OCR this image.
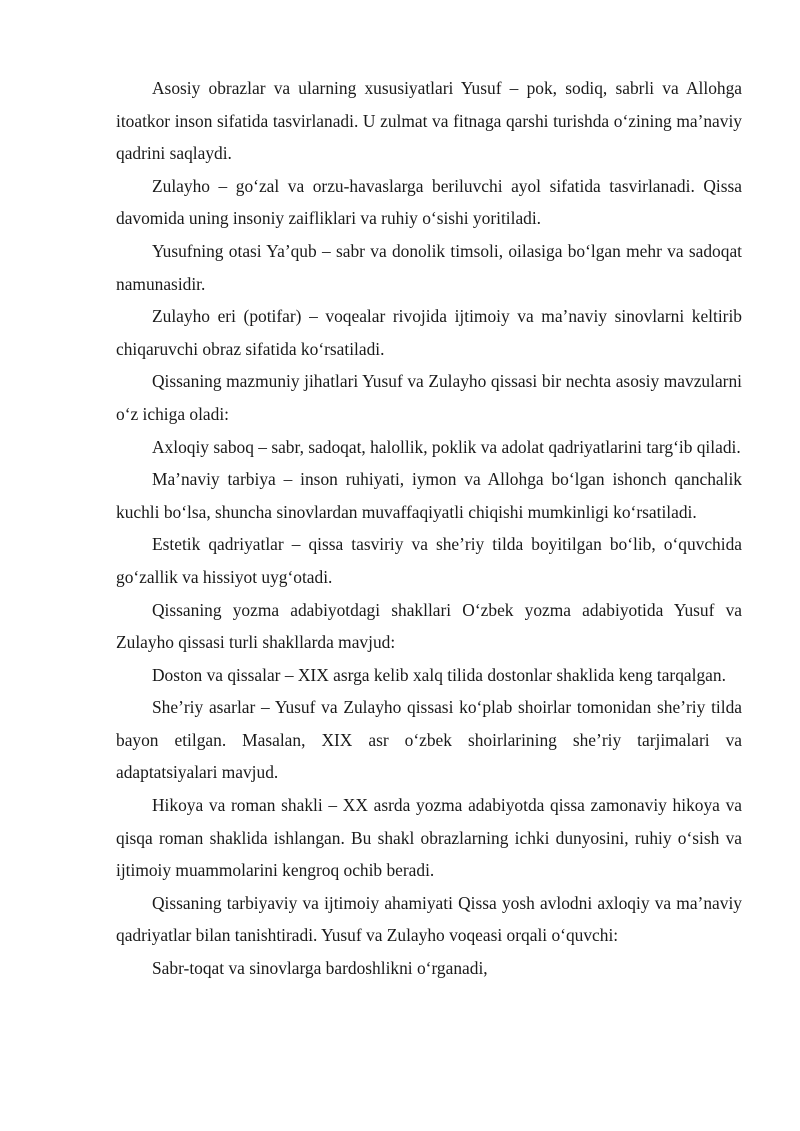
Asosiy obrazlar va ularning xususiyatlari Yusuf – pok, sodiq, sabrli va Allohga itoatkor inson sifatida tasvirlanadi. U zulmat va fitnaga qarshi turishda o‘zining ma’naviy qadrini saqlaydi.

Zulayho – go‘zal va orzu-havaslarga beriluvchi ayol sifatida tasvirlanadi. Qissa davomida uning insoniy zaifliklari va ruhiy o‘sishi yoritiladi.

Yusufning otasi Ya’qub – sabr va donolik timsoli, oilasiga bo‘lgan mehr va sadoqat namunasidir.

Zulayho eri (potifar) – voqealar rivojida ijtimoiy va ma’naviy sinovlarni keltirib chiqaruvchi obraz sifatida ko‘rsatiladi.

Qissaning mazmuniy jihatlari Yusuf va Zulayho qissasi bir nechta asosiy mavzularni o‘z ichiga oladi:

Axloqiy saboq – sabr, sadoqat, halollik, poklik va adolat qadriyatlarini targ‘ib qiladi.

Ma’naviy tarbiya – inson ruhiyati, iymon va Allohga bo‘lgan ishonch qanchalik kuchli bo‘lsa, shuncha sinovlardan muvaffaqiyatli chiqishi mumkinligi ko‘rsatiladi.

Estetik qadriyatlar – qissa tasviriy va she’riy tilda boyitilgan bo‘lib, o‘quvchida go‘zallik va hissiyot uyg‘otadi.

Qissaning yozma adabiyotdagi shakllari O‘zbek yozma adabiyotida Yusuf va Zulayho qissasi turli shakllarda mavjud:

Doston va qissalar – XIX asrga kelib xalq tilida dostonlar shaklida keng tarqalgan.

She’riy asarlar – Yusuf va Zulayho qissasi ko‘plab shoirlar tomonidan she’riy tilda bayon etilgan. Masalan, XIX asr o‘zbek shoirlarining she’riy tarjimalari va adaptatsiyalari mavjud.

Hikoya va roman shakli – XX asrda yozma adabiyotda qissa zamonaviy hikoya va qisqa roman shaklida ishlangan. Bu shakl obrazlarning ichki dunyosini, ruhiy o‘sish va ijtimoiy muammolarini kengroq ochib beradi.

Qissaning tarbiyaviy va ijtimoiy ahamiyati Qissa yosh avlodni axloqiy va ma’naviy qadriyatlar bilan tanishtiradi. Yusuf va Zulayho voqeasi orqali o‘quvchi:

Sabr-toqat va sinovlarga bardoshlikni o‘rganadi,
